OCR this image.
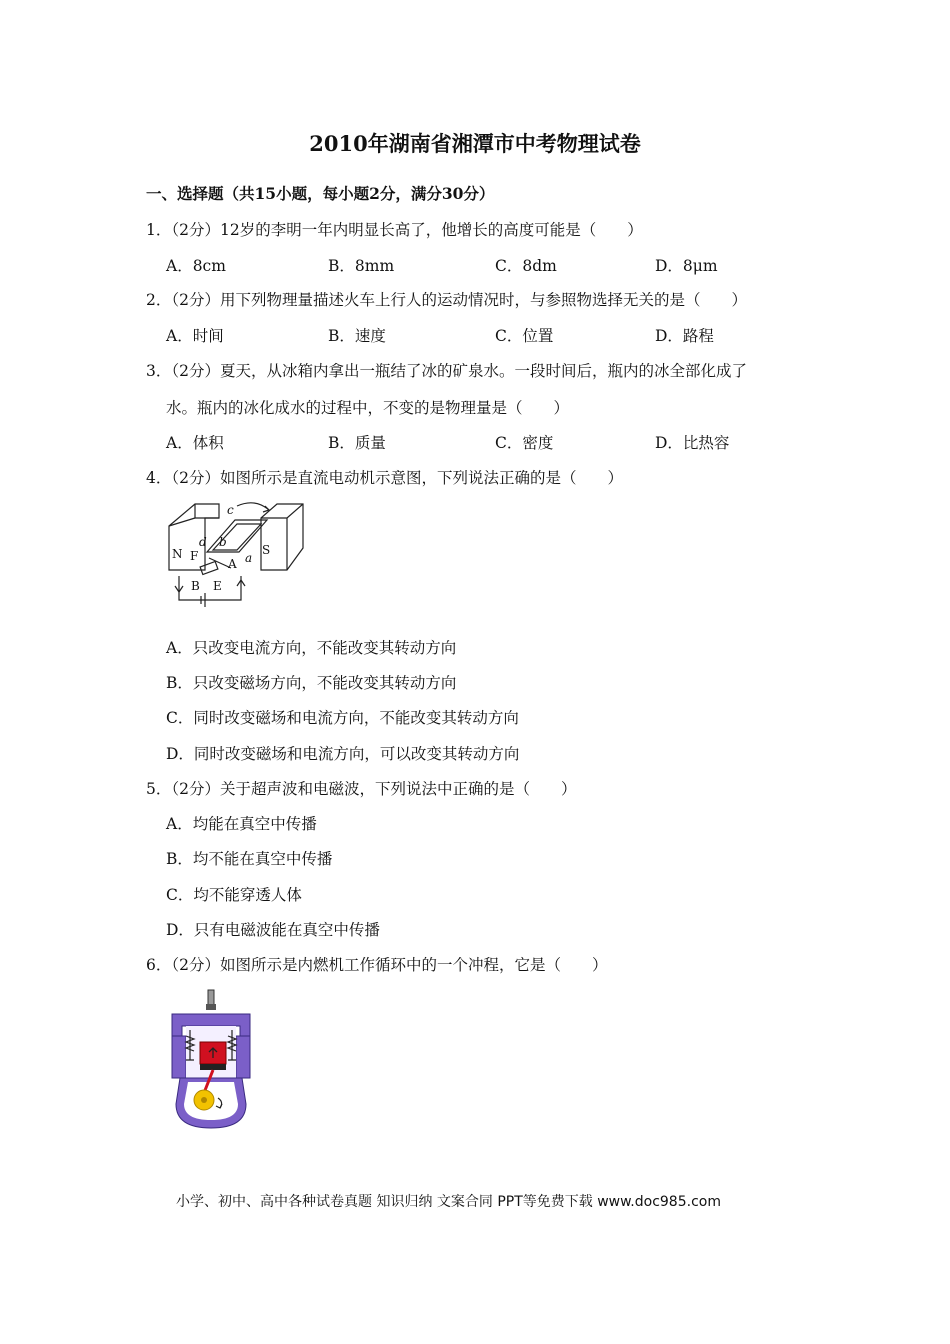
2010年湖南省湘潭市中考物理试卷
一、选择题（共15小题，每小题2分，满分30分）
1．（2分）12岁的李明一年内明显长高了，他增长的高度可能是（　　）
A．8cm	B．8mm	C．8dm	D．8μm
2．（2分）用下列物理量描述火车上行人的运动情况时，与参照物选择无关的是（　　）
A．时间	B．速度	C．位置	D．路程
3．（2分）夏天，从冰箱内拿出一瓶结了冰的矿泉水。一段时间后，瓶内的冰全部化成了
水。瓶内的冰化成水的过程中，不变的是物理量是（　　）
A．体积	B．质量	C．密度	D．比热容
4．（2分）如图所示是直流电动机示意图，下列说法正确的是（　　）
c
N F
d b
A a
S
B E
A．只改变电流方向，不能改变其转动方向
B．只改变磁场方向，不能改变其转动方向
C．同时改变磁场和电流方向，不能改变其转动方向
D．同时改变磁场和电流方向，可以改变其转动方向
5．（2分）关于超声波和电磁波，下列说法中正确的是（　　）
A．均能在真空中传播
B．均不能在真空中传播
C．均不能穿透人体
D．只有电磁波能在真空中传播
6．（2分）如图所示是内燃机工作循环中的一个冲程，它是（　　）
小学、初中、高中各种试卷真题 知识归纳 文案合同 PPT等免费下载 www.doc985.com
